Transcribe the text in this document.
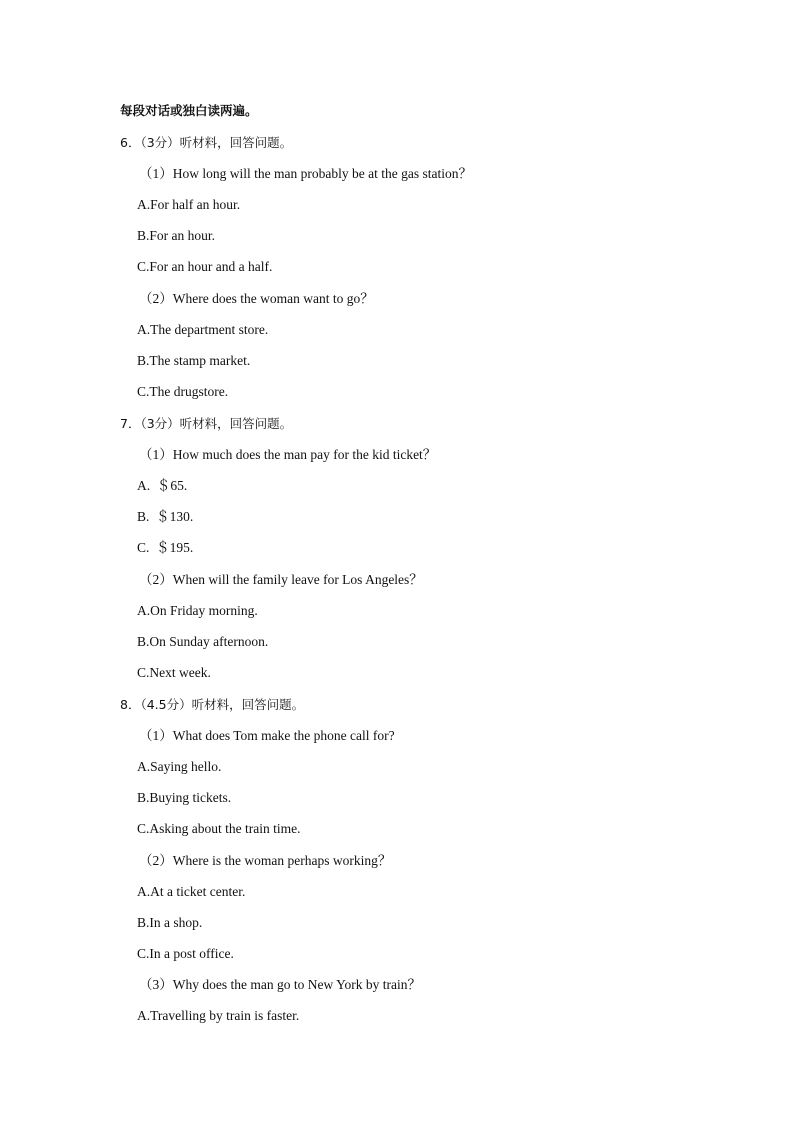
每段对话或独白读两遍。
6．（3分）听材料，回答问题。
（1）How long will the man probably be at the gas station？
A.For half an hour.
B.For an hour.
C.For an hour and a half.
（2）Where does the woman want to go？
A.The department store.
B.The stamp market.
C.The drugstore.
7．（3分）听材料，回答问题。
（1）How much does the man pay for the kid ticket？
A.  ＄65.
B.  ＄130.
C.  ＄195.
（2）When will the family leave for Los Angeles？
A.On Friday morning.
B.On Sunday afternoon.
C.Next week.
8．（4.5分）听材料，回答问题。
（1）What does Tom make the phone call for?
A.Saying hello.
B.Buying tickets.
C.Asking about the train time.
（2）Where is the woman perhaps working？
A.At a ticket center.
B.In a shop.
C.In a post office.
（3）Why does the man go to New York by train？
A.Travelling by train is faster.
